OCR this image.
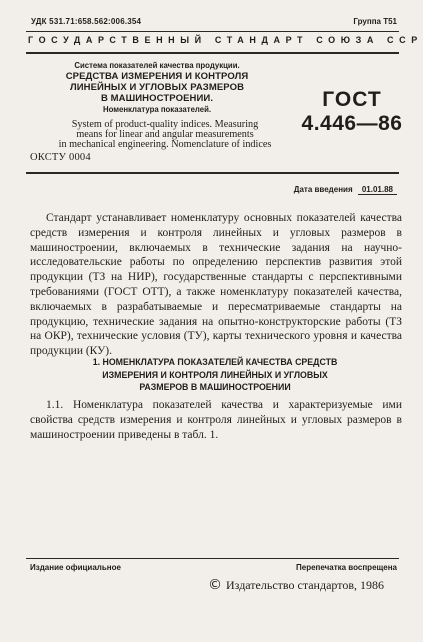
УДК 531.71:658.562:006.354	Группа Т51
ГОСУДАРСТВЕННЫЙ СТАНДАРТ СОЮЗА ССР
Система показателей качества продукции.
СРЕДСТВА ИЗМЕРЕНИЯ И КОНТРОЛЯ
ЛИНЕЙНЫХ И УГЛОВЫХ РАЗМЕРОВ
В МАШИНОСТРОЕНИИ.
Номенклатура показателей.	ГОСТ
4.446—86
System of product-quality indices. Measuring
means for linear and angular measurements
in mechanical engineering. Nomenclature of indices
ОКСТУ 0004
Дата введения 01.01.88
Стандарт устанавливает номенклатуру основных показателей качества средств измерения и контроля линейных и угловых размеров в машиностроении, включаемых в технические задания на научно-исследовательские работы по определению перспектив развития этой продукции (ТЗ на НИР), государственные стандарты с перспективными требованиями (ГОСТ ОТТ), а также номенклатуру показателей качества, включаемых в разрабатываемые и пересматриваемые стандарты на продукцию, технические задания на опытно-конструкторские работы (ТЗ на ОКР), технические условия (ТУ), карты технического уровня и качества продукции (КУ).
1. НОМЕНКЛАТУРА ПОКАЗАТЕЛЕЙ КАЧЕСТВА СРЕДСТВ
ИЗМЕРЕНИЯ И КОНТРОЛЯ ЛИНЕЙНЫХ И УГЛОВЫХ
РАЗМЕРОВ В МАШИНОСТРОЕНИИ
1.1. Номенклатура показателей качества и характеризуемые ими свойства средств измерения и контроля линейных и угловых размеров в машиностроении приведены в табл. 1.
Издание официальное	Перепечатка воспрещена
© Издательство стандартов, 1986
